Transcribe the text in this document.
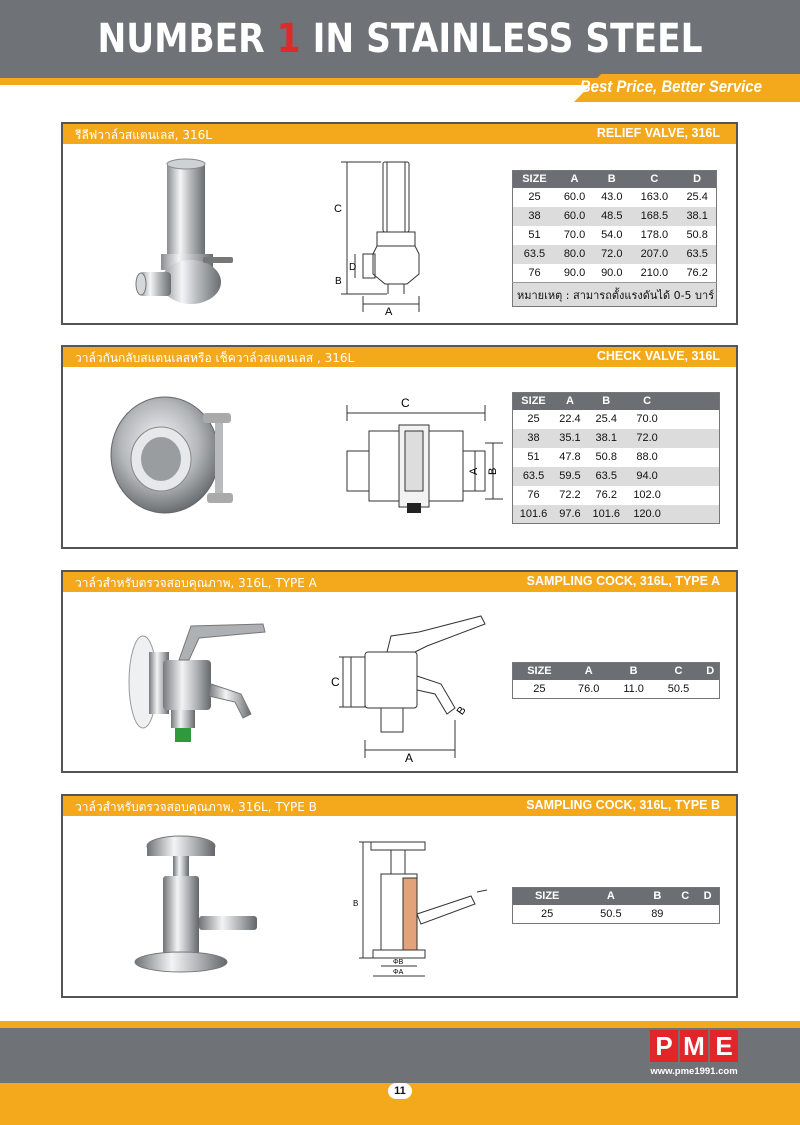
NUMBER 1 IN STAINLESS STEEL
Best Price, Better Service
รีลีฟวาล์วสแตนเลส, 316L	RELIEF VALVE, 316L
C
D
B
A
SIZE	A	B	C	D
25	60.0	43.0	163.0	25.4
38	60.0	48.5	168.5	38.1
51	70.0	54.0	178.0	50.8
63.5	80.0	72.0	207.0	63.5
76	90.0	90.0	210.0	76.2
หมายเหตุ : สามารถตั้งแรงดันได้ 0-5 บาร์				
วาล์วกันกลับสแตนเลสหรือ เช็ควาล์วสแตนเลส , 316L	CHECK VALVE, 316L
C
A B
SIZE	A	B	C	
25	22.4	25.4	70.0	
38	35.1	38.1	72.0	
51	47.8	50.8	88.0	
63.5	59.5	63.5	94.0	
76	72.2	76.2	102.0	
101.6	97.6	101.6	120.0	
วาล์วสำหรับตรวจสอบคุณภาพ, 316L, TYPE A	SAMPLING COCK, 316L, TYPE A
C
B
A
SIZE	A	B	C	D
25	76.0	11.0	50.5	
วาล์วสำหรับตรวจสอบคุณภาพ, 316L, TYPE B	SAMPLING COCK, 316L, TYPE B
B
ΦB
ΦA
SIZE	A	B	C	D
25	50.5	89		
P M E
www.pme1991.com
11
